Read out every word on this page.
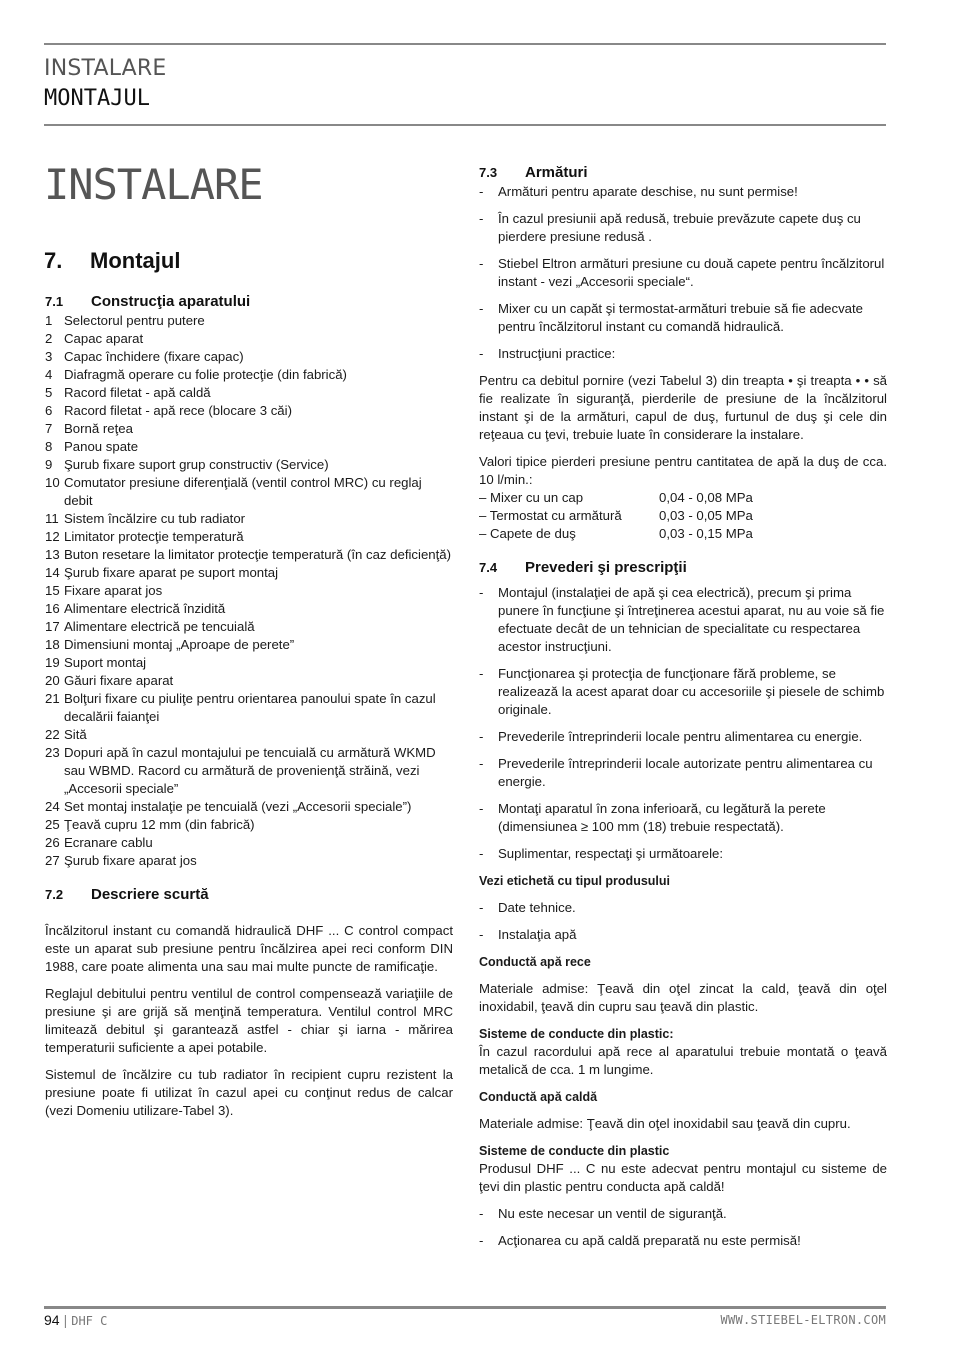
INSTALARE
MONTAJUL
INSTALARE
7. Montajul
7.1 Construcţia aparatului
1 Selectorul pentru putere
2 Capac aparat
3 Capac închidere (fixare capac)
4 Diafragmă operare cu folie protecţie (din fabrică)
5 Racord filetat - apă caldă
6 Racord filetat - apă rece (blocare 3 căi)
7 Bornă reţea
8 Panou spate
9 Şurub fixare suport grup constructiv (Service)
10 Comutator presiune diferenţială (ventil control MRC) cu reglaj debit
11 Sistem încălzire cu tub radiator
12 Limitator protecţie temperatură
13 Buton resetare la limitator protecţie temperatură (în caz deficienţă)
14 Şurub fixare aparat pe suport montaj
15 Fixare aparat jos
16 Alimentare electrică înzidită
17 Alimentare electrică pe tencuială
18 Dimensiuni montaj „Aproape de perete”
19 Suport montaj
20 Găuri fixare aparat
21 Bolţuri fixare cu piuliţe pentru orientarea panoului spate în cazul decalării faianţei
22 Sită
23 Dopuri apă în cazul montajului pe tencuială cu armătură WKMD sau WBMD. Racord cu armătură de provenienţă străină, vezi „Accesorii speciale”
24 Set montaj instalaţie pe tencuială (vezi „Accesorii speciale”)
25 Ţeavă cupru 12 mm (din fabrică)
26 Ecranare cablu
27 Şurub fixare aparat jos
7.2 Descriere scurtă

Încălzitorul instant cu comandă hidraulică DHF ... C control compact este un aparat sub presiune pentru încălzirea apei reci conform DIN 1988, care poate alimenta una sau mai multe puncte de ramificaţie.

Reglajul debitului pentru ventilul de control compensează variaţiile de presiune şi are grijă să menţină temperatura. Ventilul control MRC limitează debitul şi garantează astfel - chiar şi iarna - mărirea temperaturii suficiente a apei potabile.

Sistemul de încălzire cu tub radiator în recipient cupru rezistent la presiune poate fi utilizat în cazul apei cu conţinut redus de calcar (vezi Domeniu utilizare-Tabel 3).

7.3 Armături
-	Armături pentru aparate deschise, nu sunt permise!
-	În cazul presiunii apă redusă, trebuie prevăzute capete duş cu pierdere presiune redusă .
-	Stiebel Eltron armături presiune cu două capete pentru încălzitorul instant - vezi „Accesorii speciale“.
-	Mixer cu un capăt şi termostat-armături trebuie să fie adecvate pentru încălzitorul instant cu comandă hidraulică.
-	Instrucţiuni practice:

Pentru ca debitul pornire (vezi Tabelul 3) din treapta • şi treapta • • să fie realizate în siguranţă, pierderile de presiune de la încălzitorul instant şi de la armături, capul de duş, furtunul de duş şi cele din reţeaua cu ţevi, trebuie luate în considerare la instalare.

Valori tipice pierderi presiune pentru cantitatea de apă la duş de cca. 10 l/min.:

– Mixer cu un cap	0,04 - 0,08 MPa
– Termostat cu armătură	0,03 - 0,05 MPa
– Capete de duş	0,03 - 0,15 MPa
7.4 Prevederi şi prescripţii
-	Montajul (instalaţiei de apă şi cea electrică), precum şi prima punere în funcţiune şi întreţinerea acestui aparat, nu au voie să fie efectuate decât de un tehnician de specialitate cu respectarea acestor instrucţiuni.
-	Funcţionarea şi protecţia de funcţionare fără probleme, se realizează la acest aparat doar cu accesoriile şi piesele de schimb originale.
-	Prevederile întreprinderii locale pentru alimentarea cu energie.
-	Prevederile întreprinderii locale autorizate pentru alimentarea cu energie.
-	Montaţi aparatul în zona inferioară, cu legătură la perete (dimensiunea ≥ 100 mm (18) trebuie respectată).
-	Suplimentar, respectaţi şi următoarele:
Vezi etichetă cu tipul produsului
-	Date tehnice.
-	Instalaţia apă
Conductă apă rece

Materiale admise: Ţeavă din oţel zincat la cald, ţeavă din oţel inoxidabil, ţeavă din cupru sau ţeavă din plastic.

Sisteme de conducte din plastic:

În cazul racordului apă rece al aparatului trebuie montată o ţeavă metalică de cca. 1 m lungime.

Conductă apă caldă

Materiale admise: Ţeavă din oţel inoxidabil sau ţeavă din cupru.

Sisteme de conducte din plastic

Produsul DHF ... C nu este adecvat pentru montajul cu sisteme de ţevi din plastic pentru conducta apă caldă!

-	Nu este necesar un ventil de siguranţă.
-	Acţionarea cu apă caldă preparată nu este permisă!
94 | DHF C	WWW.STIEBEL-ELTRON.COM
